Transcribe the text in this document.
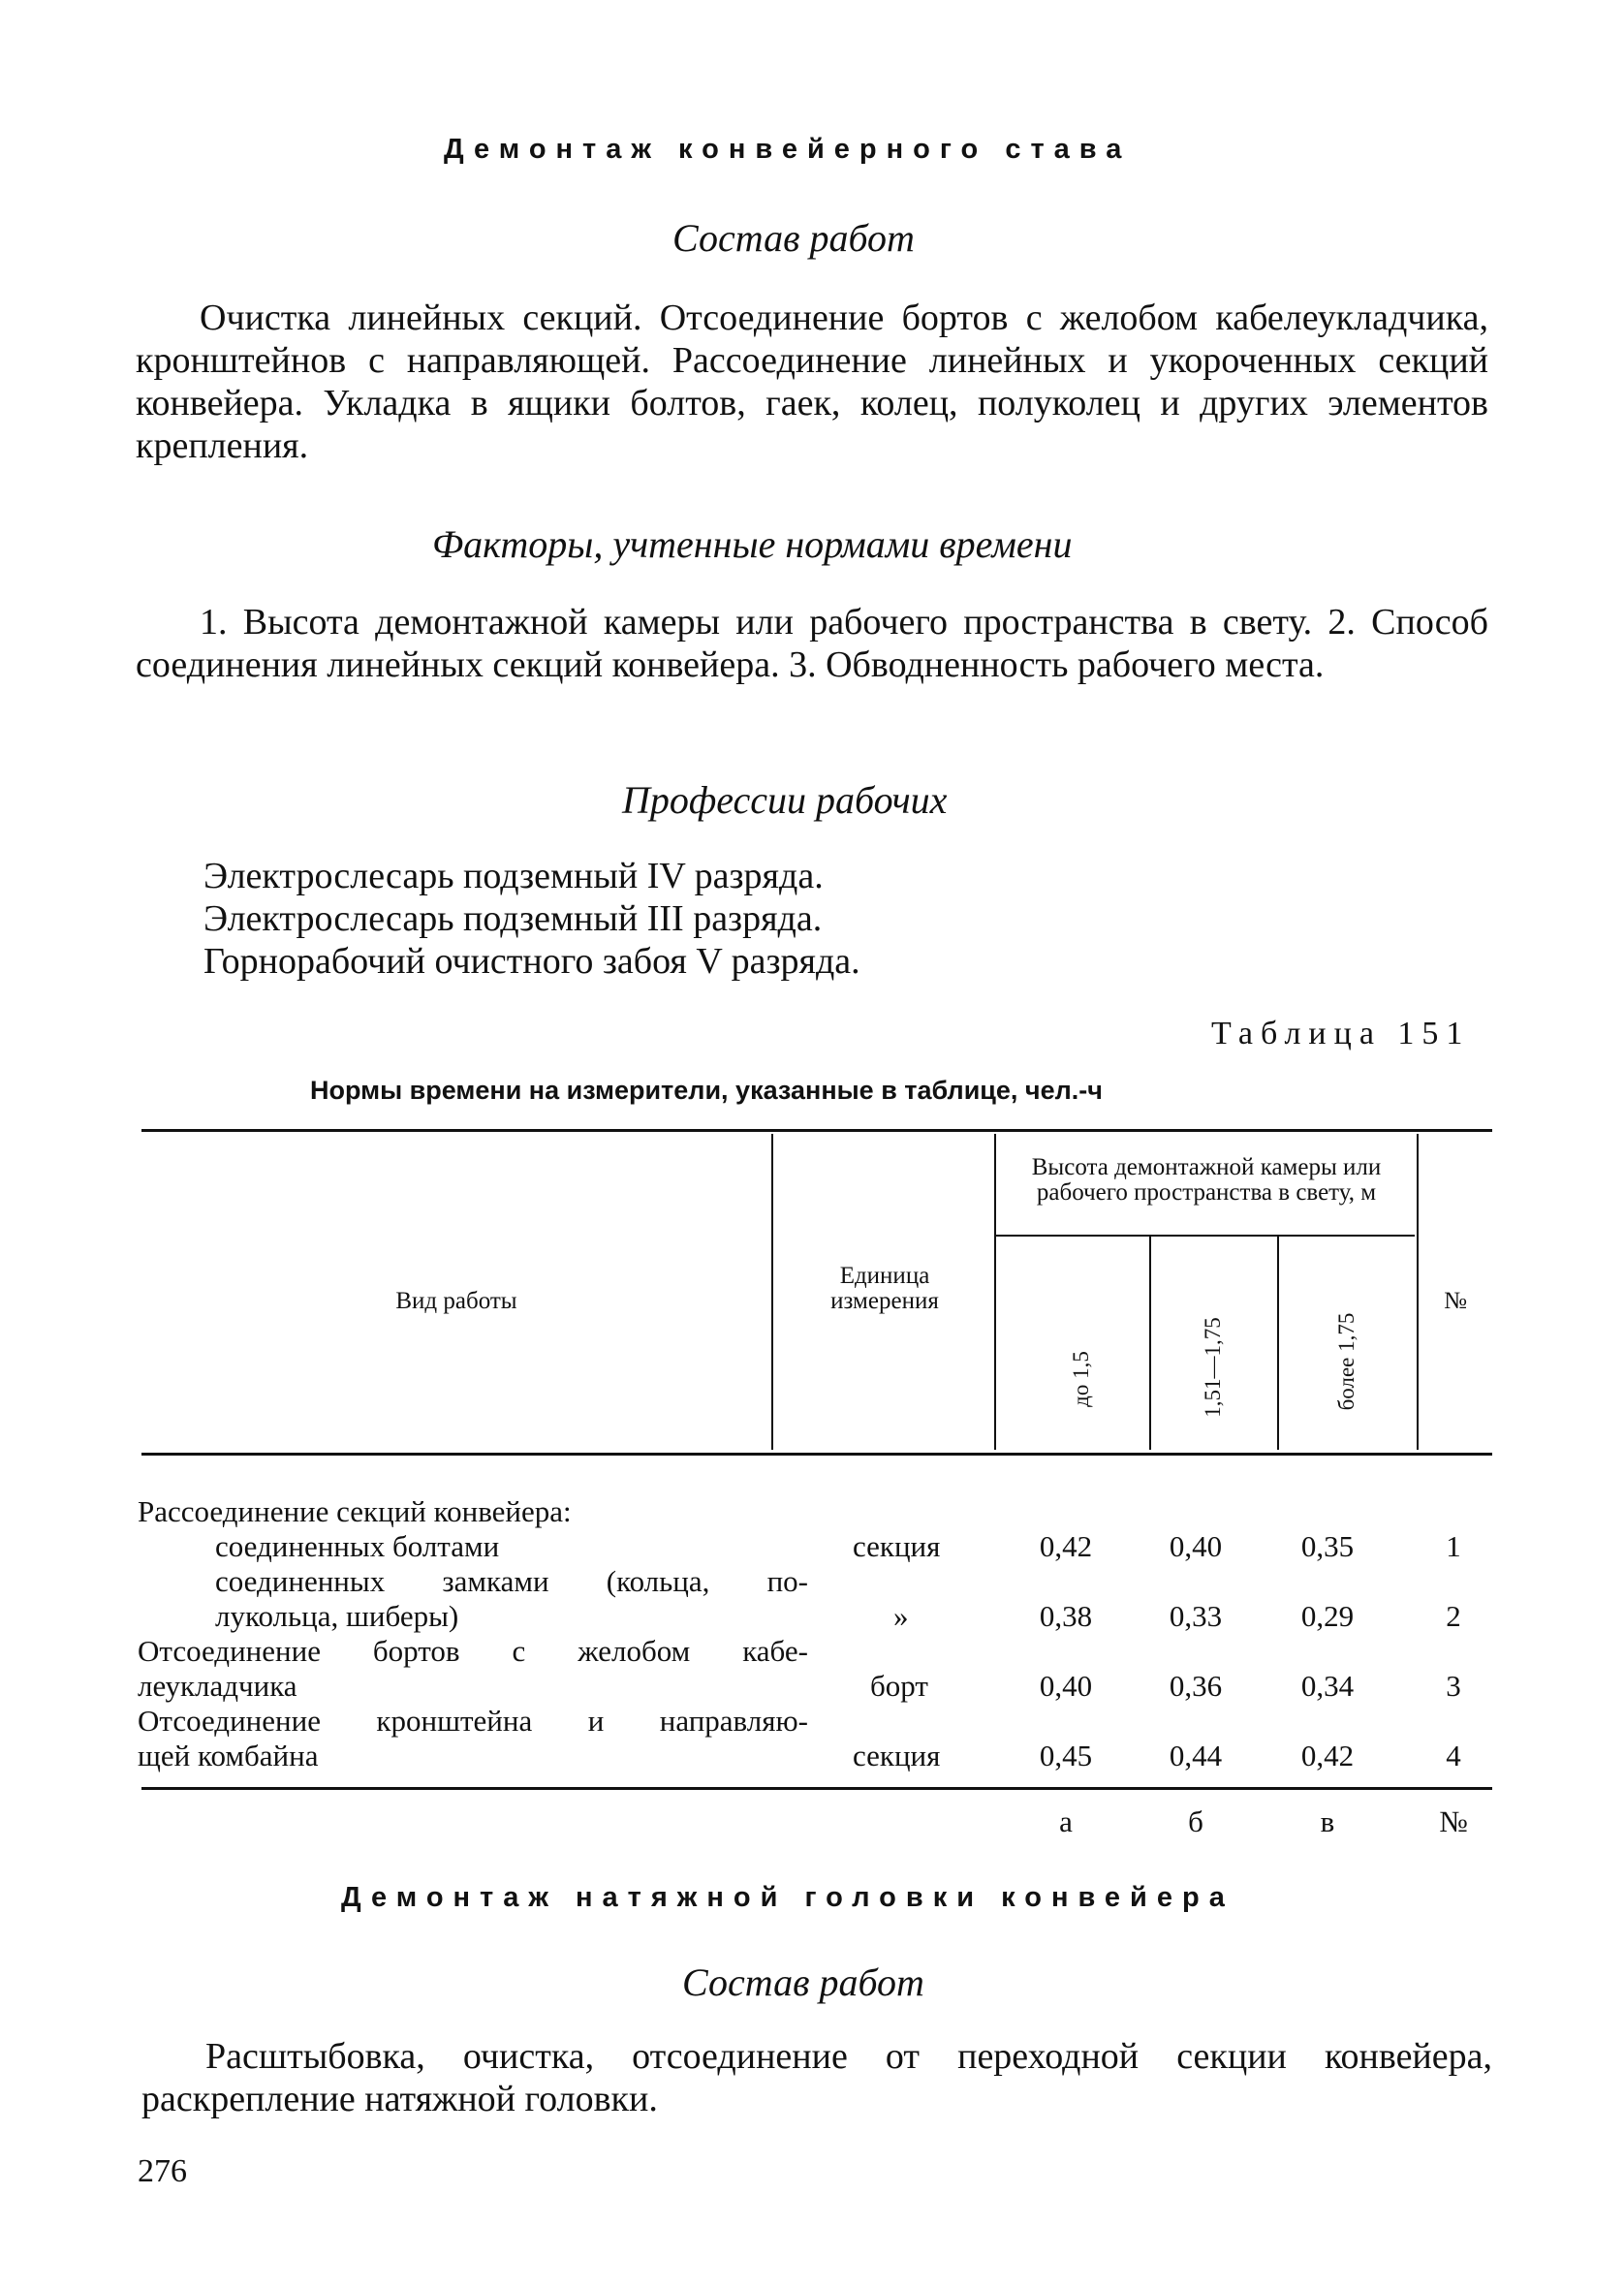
Демонтаж конвейерного става
Состав работ

Очистка линейных секций. Отсоединение бортов с желобом кабелеукладчика, кронштейнов с направляющей. Рассоединение линейных и укороченных секций конвейера. Укладка в ящики болтов, гаек, колец, полуколец и других элементов крепления.

Факторы, учтенные нормами времени

1. Высота демонтажной камеры или рабочего пространства в свету. 2. Способ соединения линейных секций конвейера. 3. Обводненность рабочего места.

Профессии рабочих
Электрослесарь подземный IV разряда.
Электрослесарь подземный III разряда.
Горнорабочий очистного забоя V разряда.
Таблица 151
Нормы времени на измерители, указанные в таблице, чел.-ч
Вид работы
Единица измерения
Высота демонтажной камеры или рабочего пространства в свету, м
до 1,5	1,51—1,75	более 1,75
№
Рассоединение секций конвейера:
соединенных болтами	секция	0,42	0,40	0,35	1
соединенных замками (кольца, по-
лукольца, шиберы)	»	0,38	0,33	0,29	2
Отсоединение бортов с желобом кабе-
леукладчика	борт	0,40	0,36	0,34	3
Отсоединение кронштейна и направляю-
щей комбайна	секция	0,45	0,44	0,42	4
а	б	в	№
Демонтаж натяжной головки конвейера
Состав работ

Расштыбовка, очистка, отсоединение от переходной секции конвейера, раскрепление натяжной головки.

276
